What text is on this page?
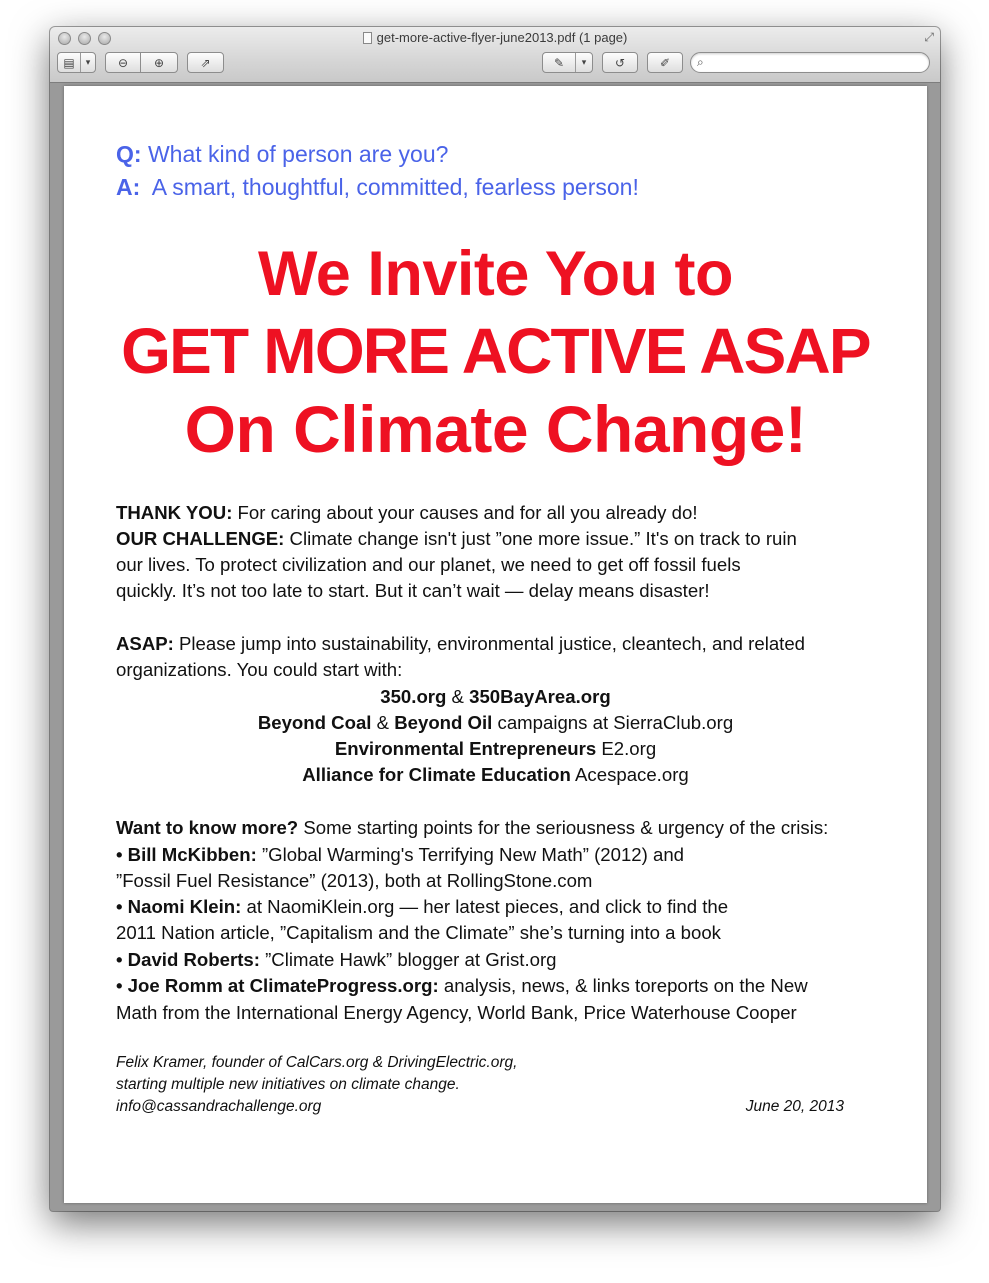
get-more-active-flyer-june2013.pdf (1 page)	⤢
▤	▾	⊖ ⊕	⇗	✎	▾	↺	✐ ⌕
Q: What kind of person are you?
A:  A smart, thoughtful, committed, fearless person!
We Invite You to
GET MORE ACTIVE ASAP
On Climate Change!
THANK YOU: For caring about your causes and for all you already do!
OUR CHALLENGE: Climate change isn't just ”one more issue.” It's on track to ruin
our lives. To protect civilization and our planet, we need to get off fossil fuels
quickly. It’s not too late to start. But it can’t wait — delay means disaster!
ASAP: Please jump into sustainability, environmental justice, cleantech, and related
organizations. You could start with:
350.org & 350BayArea.org
Beyond Coal & Beyond Oil campaigns at SierraClub.org
Environmental Entrepreneurs E2.org
Alliance for Climate Education Acespace.org
Want to know more? Some starting points for the seriousness & urgency of the crisis:
• Bill McKibben: ”Global Warming's Terrifying New Math” (2012) and
”Fossil Fuel Resistance” (2013), both at RollingStone.com
• Naomi Klein: at NaomiKlein.org — her latest pieces, and click to find the
2011 Nation article, ”Capitalism and the Climate” she’s turning into a book
• David Roberts: ”Climate Hawk” blogger at Grist.org
• Joe Romm at ClimateProgress.org: analysis, news, & links toreports on the New
Math from the International Energy Agency, World Bank, Price Waterhouse Cooper
Felix Kramer, founder of CalCars.org & DrivingElectric.org,
starting multiple new initiatives on climate change.
info@cassandrachallenge.org	June 20, 2013
